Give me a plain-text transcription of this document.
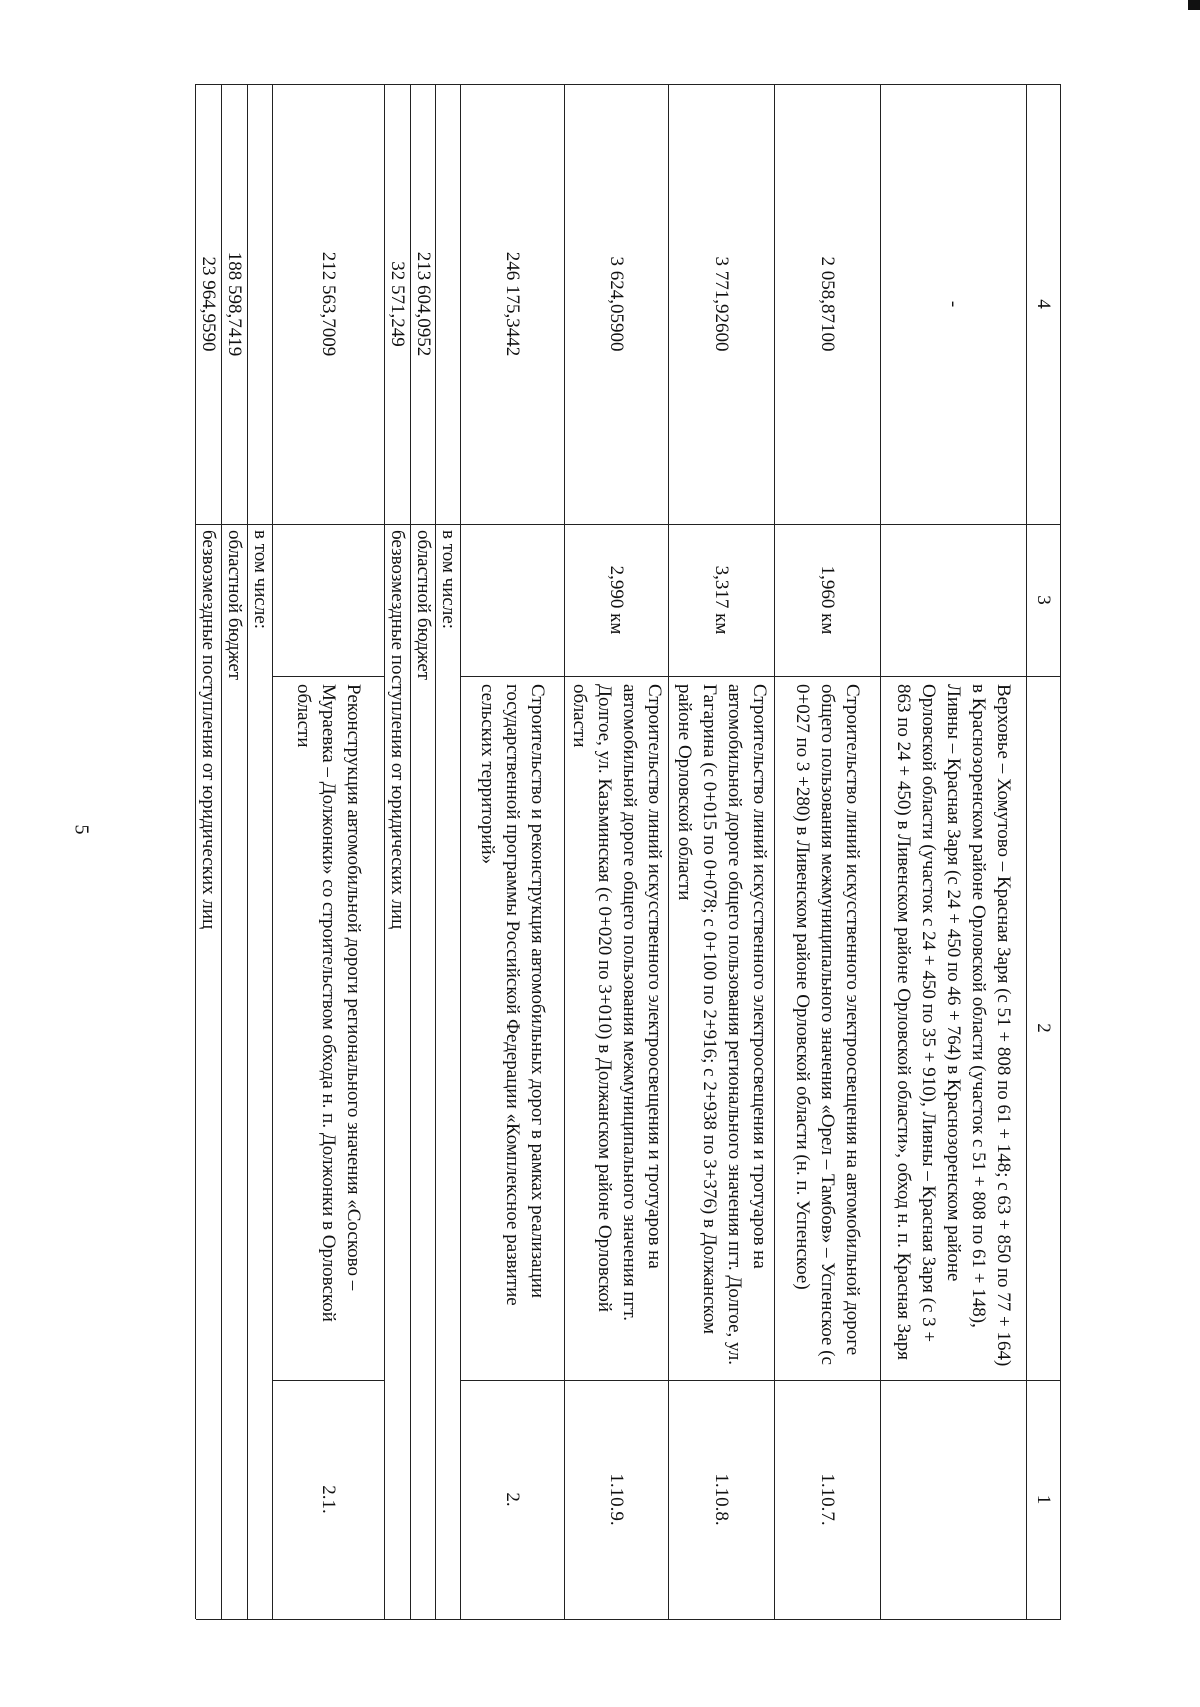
5
1
2
3
4
Верховье – Хомутово – Красная Заря (с 51 + 808 по 61 + 148; с 63 + 850 по 77 + 164) в Краснозоренском районе Орловской области (участок с 51 + 808 по 61 + 148), Ливны – Красная Заря (с 24 + 450 по 46 + 764) в Краснозоренском районе Орловской области (участок с 24 + 450 по 35 + 910), Ливны – Красная Заря (с 3 + 863 по 24 + 450) в Ливенском районе Орловской области», обход н. п. Красная Заря
-
1.10.7.
Строительство линий искусственного электроосвещения на автомобильной дороге общего пользования межмуниципального значения «Орел – Тамбов» – Успенское (с 0+027 по 3 +280) в Ливенском районе Орловской области (н. п. Успенское)
1,960 км
2 058,87100
1.10.8.
Строительство линий искусственного электроосвещения и тротуаров на автомобильной дороге общего пользования регионального значения пгт. Долгое, ул. Гагарина (с 0+015 по 0+078; с 0+100 по 2+916; с 2+938 по 3+376) в Должанском районе Орловской области
3,317 км
3 771,92600
1.10.9.
Строительство линий искусственного электроосвещения и тротуаров на автомобильной дороге общего пользования межмуниципального значения пгт. Долгое, ул. Казьминская (с 0+020 по 3+010) в Должанском районе Орловской области
2,990 км
3 624,05900
2.
Строительство и реконструкция автомобильных дорог в рамках реализации государственной программы Российской Федерации «Комплексное развитие сельских территорий»
246 175,3442
в том числе:
областной бюджет
213 604,0952
безвозмездные поступления от юридических лиц
32 571,249
2.1.
Реконструкция автомобильной дороги регионального значения «Сосково – Мураевка – Должонки» со строительством обхода н. п. Должонки в Орловской области
212 563,7009
в том числе:
областной бюджет
188 598,7419
безвозмездные поступления от юридических лиц
23 964,9590
